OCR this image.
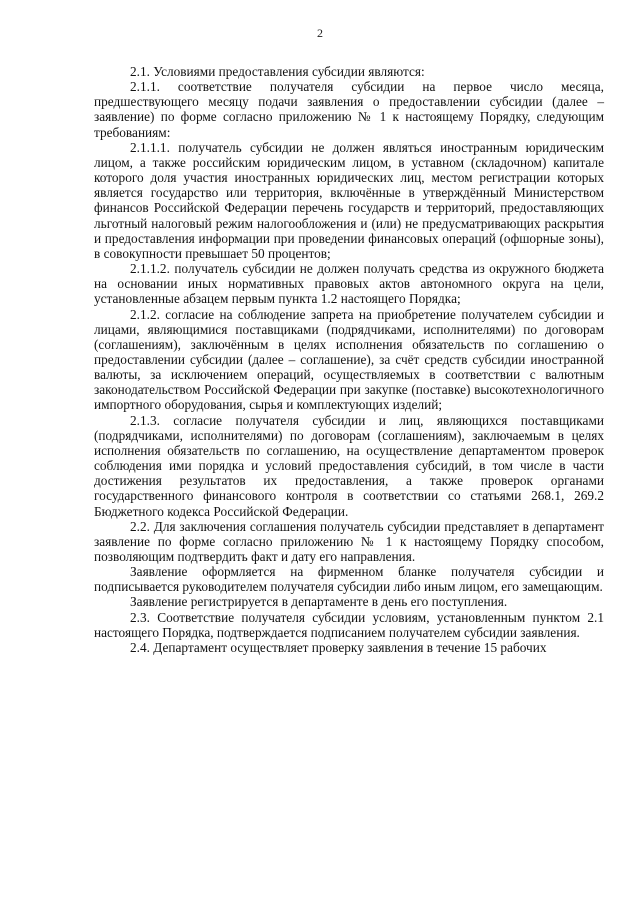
2

2.1. Условиями предоставления субсидии являются:

2.1.1. соответствие получателя субсидии на первое число месяца, предшествующего месяцу подачи заявления о предоставлении субсидии (далее – заявление) по форме согласно приложению № 1 к настоящему Порядку, следующим требованиям:

2.1.1.1. получатель субсидии не должен являться иностранным юридическим лицом, а также российским юридическим лицом, в уставном (складочном) капитале которого доля участия иностранных юридических лиц, местом регистрации которых является государство или территория, включённые в утверждённый Министерством финансов Российской Федерации перечень государств и территорий, предоставляющих льготный налоговый режим налогообложения и (или) не предусматривающих раскрытия и предоставления информации при проведении финансовых операций (офшорные зоны), в совокупности превышает 50 процентов;

2.1.1.2. получатель субсидии не должен получать средства из окружного бюджета на основании иных нормативных правовых актов автономного округа на цели, установленные абзацем первым пункта 1.2 настоящего Порядка;

2.1.2. согласие на соблюдение запрета на приобретение получателем субсидии и лицами, являющимися поставщиками (подрядчиками, исполнителями) по договорам (соглашениям), заключённым в целях исполнения обязательств по соглашению о предоставлении субсидии (далее – соглашение), за счёт средств субсидии иностранной валюты, за исключением операций, осуществляемых в соответствии с валютным законодательством Российской Федерации при закупке (поставке) высокотехнологичного импортного оборудования, сырья и комплектующих изделий;

2.1.3. согласие получателя субсидии и лиц, являющихся поставщиками (подрядчиками, исполнителями) по договорам (соглашениям), заключаемым в целях исполнения обязательств по соглашению, на осуществление департаментом проверок соблюдения ими порядка и условий предоставления субсидий, в том числе в части достижения результатов их предоставления, а также проверок органами государственного финансового контроля в соответствии со статьями 268.1, 269.2 Бюджетного кодекса Российской Федерации.

2.2. Для заключения соглашения получатель субсидии представляет в департамент заявление по форме согласно приложению № 1 к настоящему Порядку способом, позволяющим подтвердить факт и дату его направления.

Заявление оформляется на фирменном бланке получателя субсидии и подписывается руководителем получателя субсидии либо иным лицом, его замещающим.

Заявление регистрируется в департаменте в день его поступления.

2.3. Соответствие получателя субсидии условиям, установленным пунктом 2.1 настоящего Порядка, подтверждается подписанием получателем субсидии заявления.

2.4. Департамент осуществляет проверку заявления в течение 15 рабочих
